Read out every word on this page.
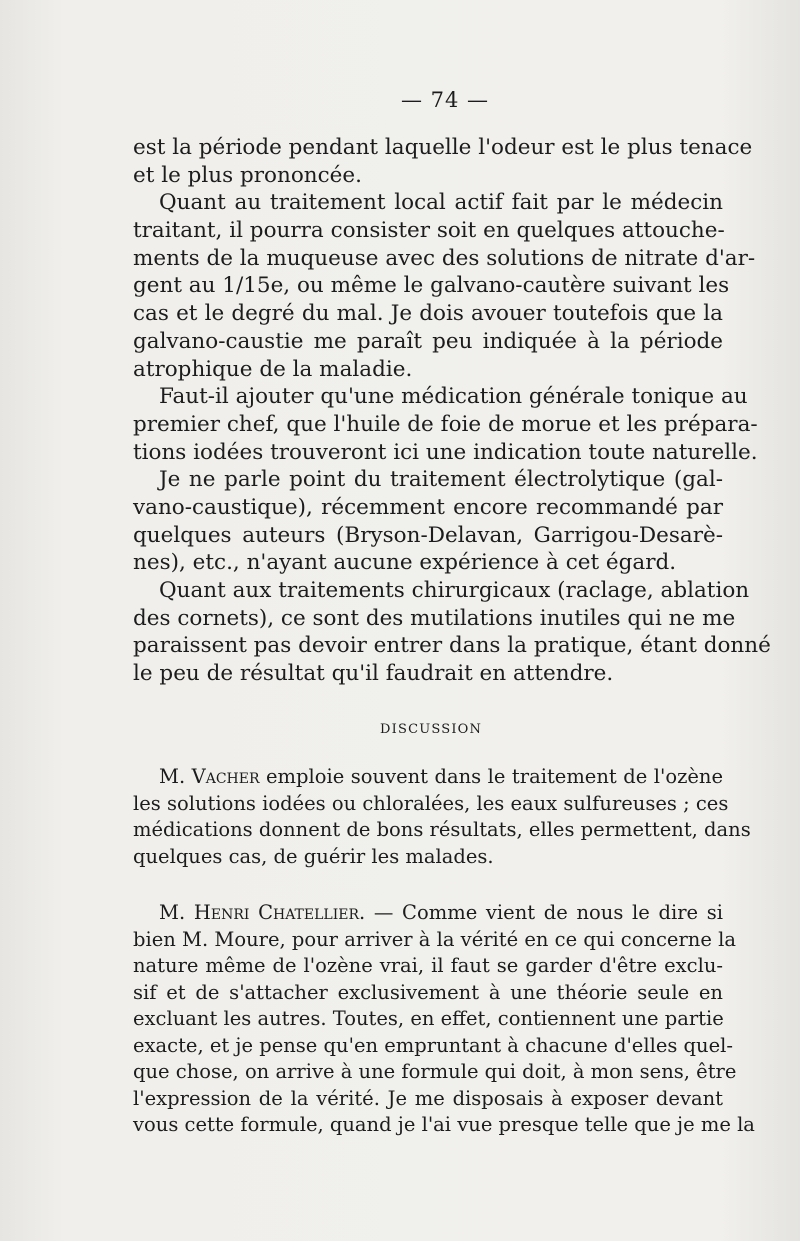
— 74 —
est la période pendant laquelle l'odeur est le plus tenace
et le plus prononcée.
Quant au traitement local actif fait par le médecin
traitant, il pourra consister soit en quelques attouche-
ments de la muqueuse avec des solutions de nitrate d'ar-
gent au 1/15e, ou même le galvano-cautère suivant les
cas et le degré du mal. Je dois avouer toutefois que la
galvano-caustie me paraît peu indiquée à la période
atrophique de la maladie.
Faut-il ajouter qu'une médication générale tonique au
premier chef, que l'huile de foie de morue et les prépara-
tions iodées trouveront ici une indication toute naturelle.
Je ne parle point du traitement électrolytique (gal-
vano-caustique), récemment encore recommandé par
quelques auteurs (Bryson-Delavan, Garrigou-Desarè-
nes), etc., n'ayant aucune expérience à cet égard.
Quant aux traitements chirurgicaux (raclage, ablation
des cornets), ce sont des mutilations inutiles qui ne me
paraissent pas devoir entrer dans la pratique, étant donné
le peu de résultat qu'il faudrait en attendre.
DISCUSSION
M. Vacher emploie souvent dans le traitement de l'ozène
les solutions iodées ou chloralées, les eaux sulfureuses ; ces
médications donnent de bons résultats, elles permettent, dans
quelques cas, de guérir les malades.
M. Henri Chatellier. — Comme vient de nous le dire si
bien M. Moure, pour arriver à la vérité en ce qui concerne la
nature même de l'ozène vrai, il faut se garder d'être exclu-
sif et de s'attacher exclusivement à une théorie seule en
excluant les autres. Toutes, en effet, contiennent une partie
exacte, et je pense qu'en empruntant à chacune d'elles quel-
que chose, on arrive à une formule qui doit, à mon sens, être
l'expression de la vérité. Je me disposais à exposer devant
vous cette formule, quand je l'ai vue presque telle que je me la
